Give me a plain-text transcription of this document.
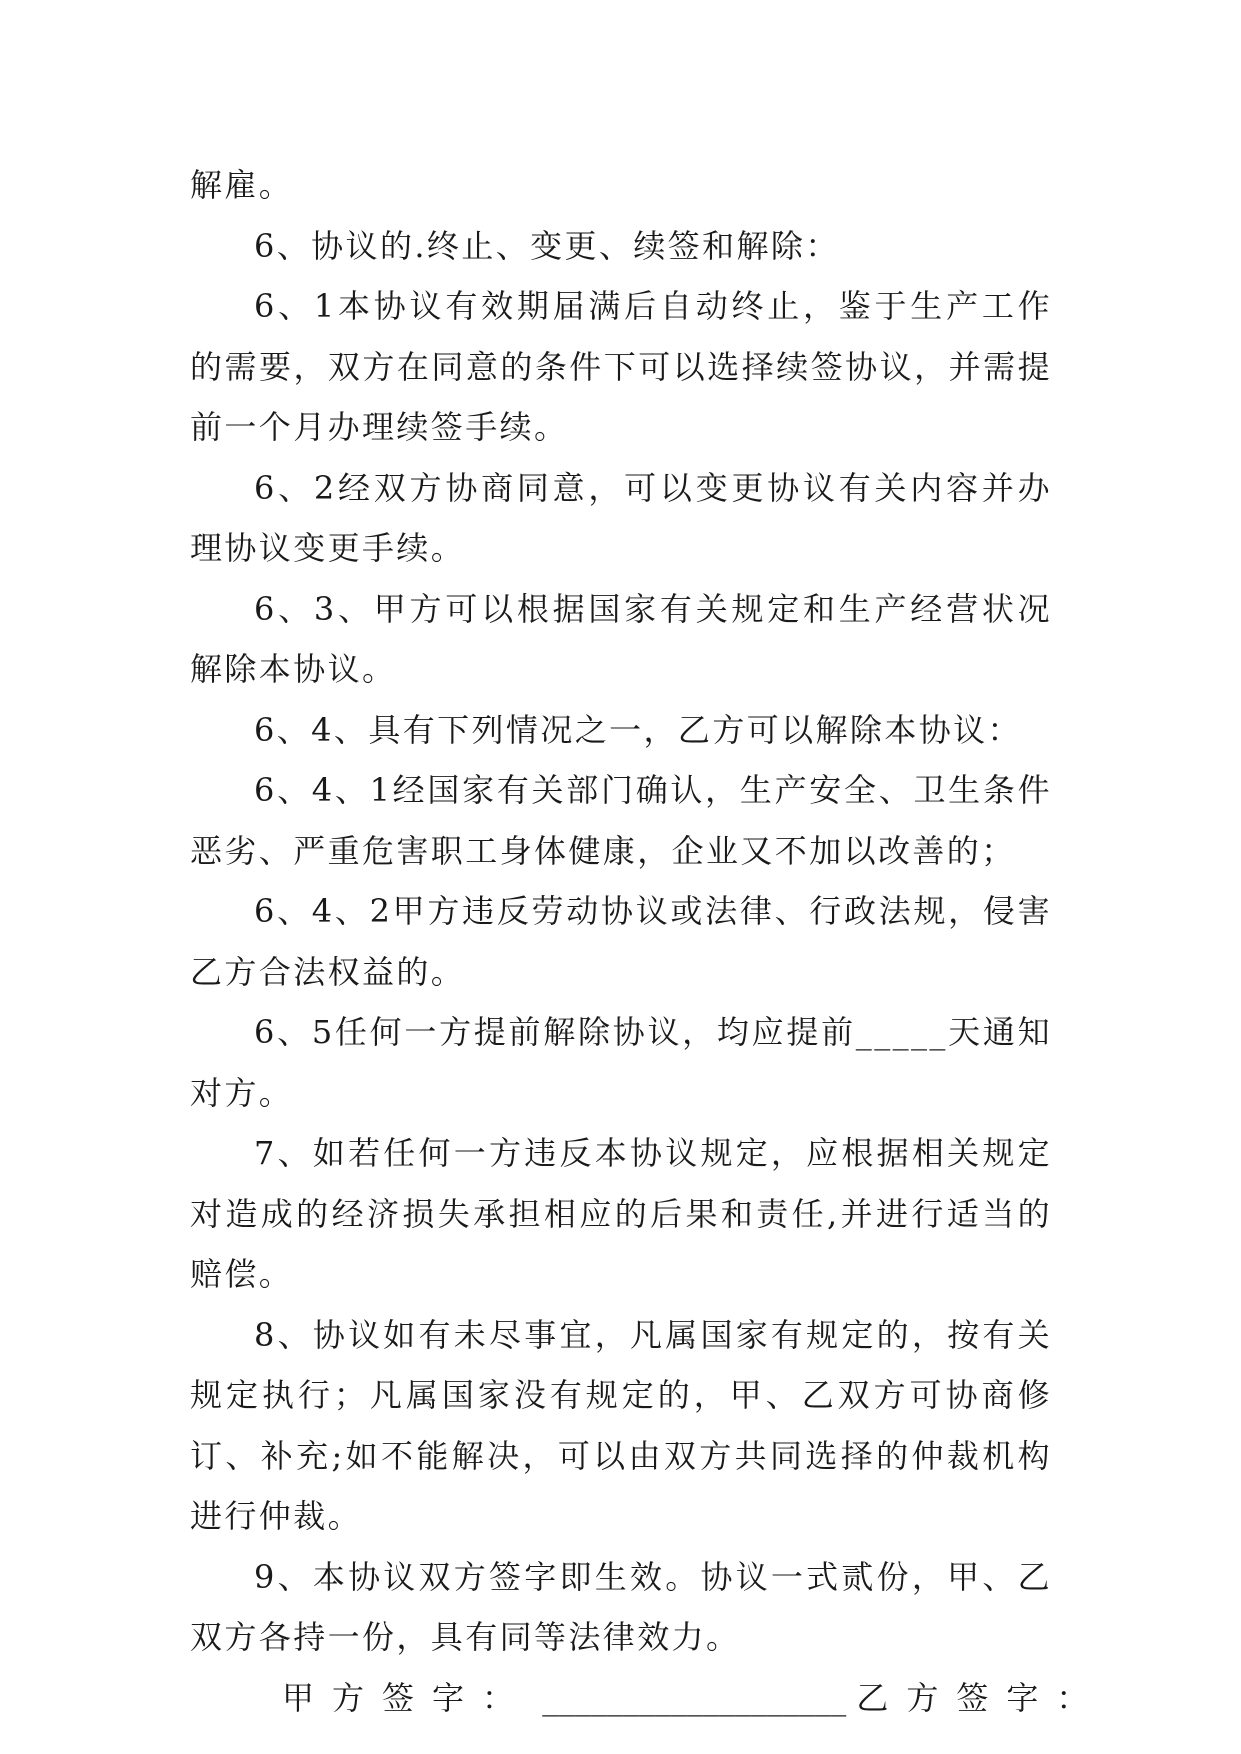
解雇。

6、协议的.终止、变更、续签和解除：

6、1本协议有效期届满后自动终止，鉴于生产工作的需要，双方在同意的条件下可以选择续签协议，并需提前一个月办理续签手续。

6、2经双方协商同意，可以变更协议有关内容并办理协议变更手续。

6、3、甲方可以根据国家有关规定和生产经营状况解除本协议。

6、4、具有下列情况之一，乙方可以解除本协议：

6、4、1经国家有关部门确认，生产安全、卫生条件恶劣、严重危害职工身体健康，企业又不加以改善的；

6、4、2甲方违反劳动协议或法律、行政法规，侵害乙方合法权益的。

6、5任何一方提前解除协议，均应提前_____天通知对方。

7、如若任何一方违反本协议规定，应根据相关规定对造成的经济损失承担相应的后果和责任,并进行适当的赔偿。

8、协议如有未尽事宜，凡属国家有规定的，按有关规定执行；凡属国家没有规定的，甲、乙双方可协商修订、补充;如不能解决，可以由双方共同选择的仲裁机构进行仲裁。

9、本协议双方签字即生效。协议一式贰份，甲、乙双方各持一份，具有同等法律效力。

甲方签字： ___________________ 乙方签字：
